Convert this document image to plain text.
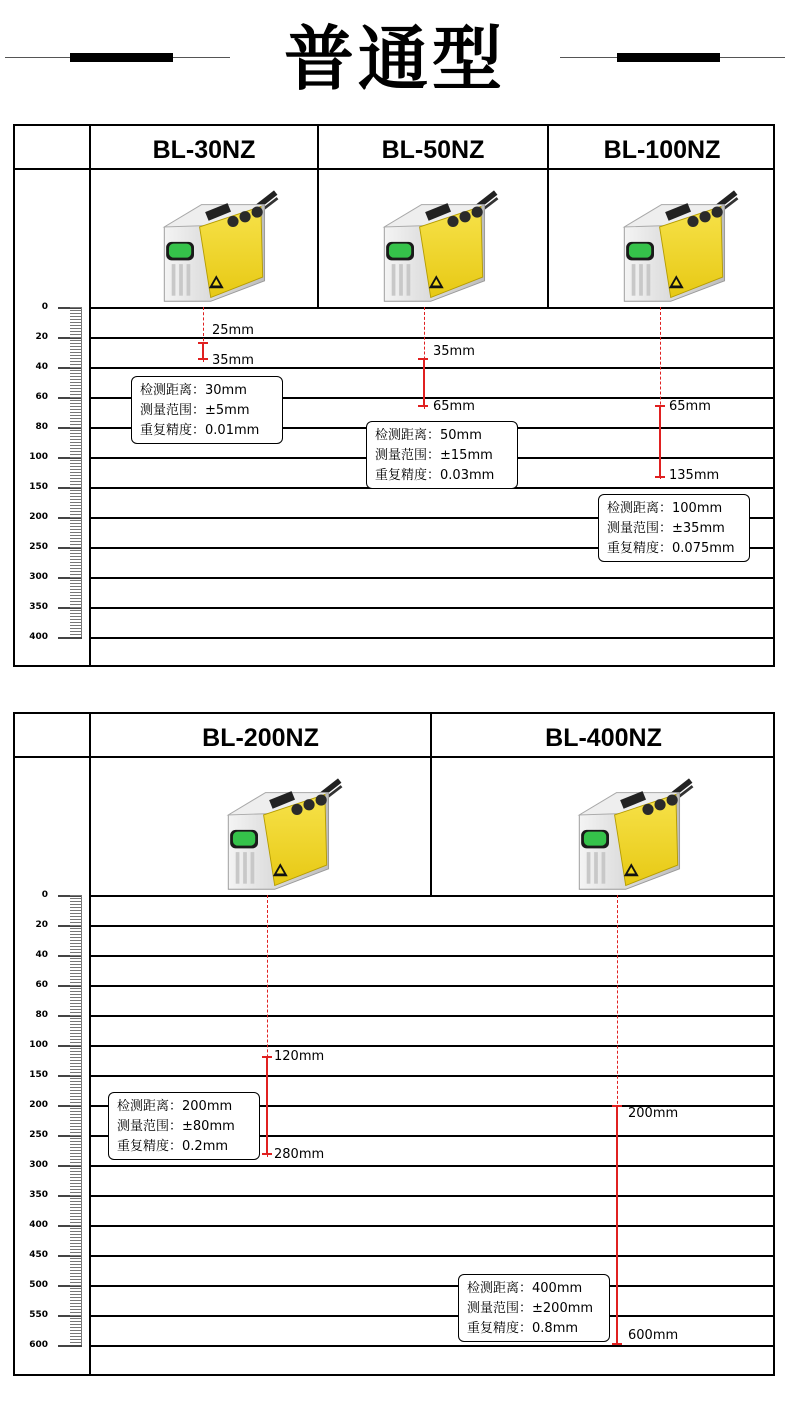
普通型
BL-30NZ	BL-50NZ	BL-100NZ
0
20
40
60
80
100
150
200
250
300
350
400
25mm
35mm
检测距离：30mm
测量范围：±5mm
重复精度：0.01mm
35mm
65mm
检测距离：50mm
测量范围：±15mm
重复精度：0.03mm
65mm
135mm
检测距离：100mm
测量范围：±35mm
重复精度：0.075mm
BL-200NZ	BL-400NZ
0
20
40
60
80
100
150
200
250
300
350
400
450
500
550
600
120mm
280mm
检测距离：200mm
测量范围：±80mm
重复精度：0.2mm
200mm
600mm
检测距离：400mm
测量范围：±200mm
重复精度：0.8mm
